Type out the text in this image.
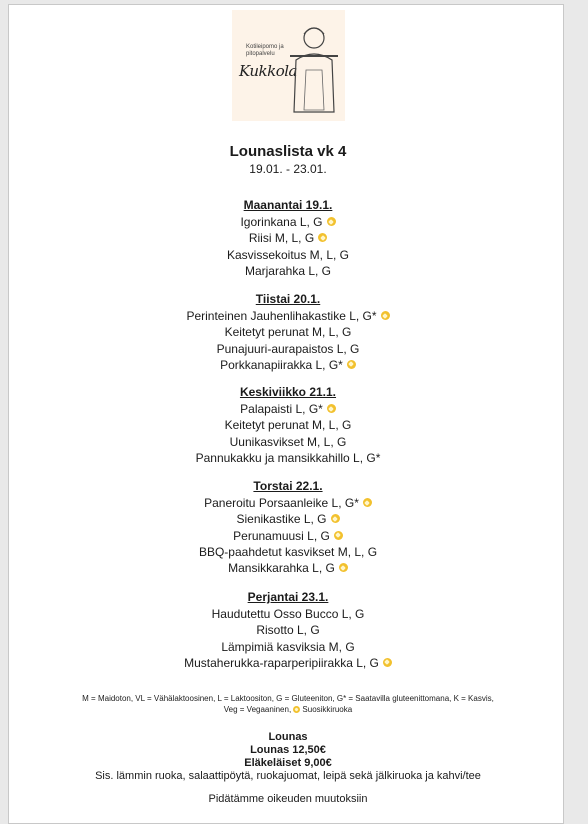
Kotileipomo ja pitopalvelu
Kukkola
Lounaslista vk 4
19.01. - 23.01.
Maanantai 19.1.
Igorinkana L, G
Riisi M, L, G
Kasvissekoitus M, L, G
Marjarahka L, G
Tiistai 20.1.
Perinteinen Jauhenlihakastike L, G*
Keitetyt perunat M, L, G
Punajuuri-aurapaistos L, G
Porkkanapiirakka L, G*
Keskiviikko 21.1.
Palapaisti L, G*
Keitetyt perunat M, L, G
Uunikasvikset M, L, G
Pannukakku ja mansikkahillo L, G*
Torstai 22.1.
Paneroitu Porsaanleike L, G*
Sienikastike L, G
Perunamuusi L, G
BBQ-paahdetut kasvikset M, L, G
Mansikkarahka L, G
Perjantai 23.1.
Haudutettu Osso Bucco L, G
Risotto L, G
Lämpimiä kasviksia M, G
Mustaherukka-raparperipiirakka L, G
M = Maidoton, VL = Vähälaktoosinen, L = Laktoositon, G = Gluteeniton, G* = Saatavilla gluteenittomana, K = Kasvis,
Veg = Vegaaninen, Suosikkiruoka
Lounas
Lounas 12,50€
Eläkeläiset 9,00€
Sis. lämmin ruoka, salaattipöytä, ruokajuomat, leipä sekä jälkiruoka ja kahvi/tee
Pidätämme oikeuden muutoksiin
